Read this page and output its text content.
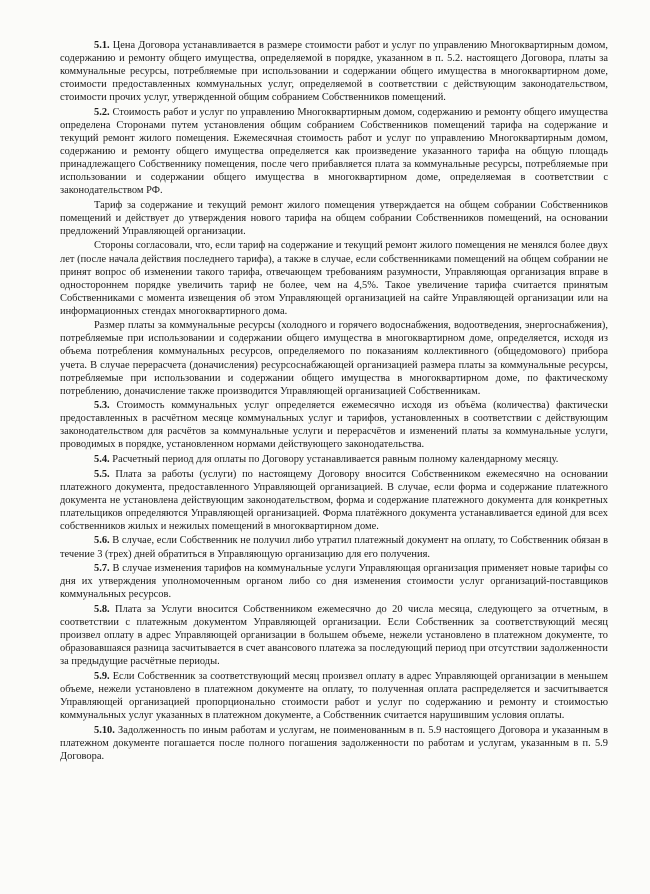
5.1. Цена Договора устанавливается в размере стоимости работ и услуг по управлению Многоквартирным домом, содержанию и ремонту общего имущества, определяемой в порядке, указанном в п. 5.2. настоящего Договора, платы за коммунальные ресурсы, потребляемые при использовании и содержании общего имущества в многоквартирном доме, стоимости предоставленных коммунальных услуг, определяемой в соответствии с действующим законодательством, стоимости прочих услуг, утвержденной общим собранием Собственников помещений.

5.2. Стоимость работ и услуг по управлению Многоквартирным домом, содержанию и ремонту общего имущества определена Сторонами путем установления общим собранием Собственников помещений тарифа на содержание и текущий ремонт жилого помещения. Ежемесячная стоимость работ и услуг по управлению Многоквартирным домом, содержанию и ремонту общего имущества определяется как произведение указанного тарифа на общую площадь принадлежащего Собственнику помещения, после чего прибавляется плата за коммунальные ресурсы, потребляемые при использовании и содержании общего имущества в многоквартирном доме, определяемая в соответствии с законодательством РФ.

Тариф за содержание и текущий ремонт жилого помещения утверждается на общем собрании Собственников помещений и действует до утверждения нового тарифа на общем собрании Собственников помещений, на основании предложений Управляющей организации.

Стороны согласовали, что, если тариф на содержание и текущий ремонт жилого помещения не менялся более двух лет (после начала действия последнего тарифа), а также в случае, если собственниками помещений на общем собрании не принят вопрос об изменении такого тарифа, отвечающем требованиям разумности, Управляющая организация вправе в одностороннем порядке увеличить тариф не более, чем на 4,5%. Такое увеличение тарифа считается принятым Собственниками с момента извещения об этом Управляющей организацией на сайте Управляющей организации или на информационных стендах многоквартирного дома.

Размер платы за коммунальные ресурсы (холодного и горячего водоснабжения, водоотведения, энергоснабжения), потребляемые при использовании и содержании общего имущества в многоквартирном доме, определяется, исходя из объема потребления коммунальных ресурсов, определяемого по показаниям коллективного (общедомового) прибора учета. В случае перерасчета (доначисления) ресурсоснабжающей организацией размера платы за коммунальные ресурсы, потребляемые при использовании и содержании общего имущества в многоквартирном доме, по фактическому потреблению, доначисление также производится Управляющей организацией Собственникам.

5.3. Стоимость коммунальных услуг определяется ежемесячно исходя из объёма (количества) фактически предоставленных в расчётном месяце коммунальных услуг и тарифов, установленных в соответствии с действующим законодательством для расчётов за коммунальные услуги и перерасчётов и изменений платы за коммунальные услуги, проводимых в порядке, установленном нормами действующего законодательства.

5.4. Расчетный период для оплаты по Договору устанавливается равным полному календарному месяцу.

5.5. Плата за работы (услуги) по настоящему Договору вносится Собственником ежемесячно на основании платежного документа, предоставленного Управляющей организацией. В случае, если форма и содержание платежного документа не установлена действующим законодательством, форма и содержание платежного документа для конкретных плательщиков определяются Управляющей организацией. Форма платёжного документа устанавливается единой для всех собственников жилых и нежилых помещений в многоквартирном доме.

5.6. В случае, если Собственник не получил либо утратил платежный документ на оплату, то Собственник обязан в течение 3 (трех) дней обратиться в Управляющую организацию для его получения.

5.7. В случае изменения тарифов на коммунальные услуги Управляющая организация применяет новые тарифы со дня их утверждения уполномоченным органом либо со дня изменения стоимости услуг организаций-поставщиков коммунальных ресурсов.

5.8. Плата за Услуги вносится Собственником ежемесячно до 20 числа месяца, следующего за отчетным, в соответствии с платежным документом Управляющей организации. Если Собственник за соответствующий месяц произвел оплату в адрес Управляющей организации в большем объеме, нежели установлено в платежном документе, то образовавшаяся разница засчитывается в счет авансового платежа за последующий период при отсутствии задолженности за предыдущие расчётные периоды.

5.9. Если Собственник за соответствующий месяц произвел оплату в адрес Управляющей организации в меньшем объеме, нежели установлено в платежном документе на оплату, то полученная оплата распределяется и засчитывается Управляющей организацией пропорционально стоимости работ и услуг по содержанию и ремонту и стоимостью коммунальных услуг указанных в платежном документе, а Собственник считается нарушившим условия оплаты.

5.10. Задолженность по иным работам и услугам, не поименованным в п. 5.9 настоящего Договора и указанным в платежном документе погашается после полного погашения задолженности по работам и услугам, указанным в п. 5.9 Договора.
